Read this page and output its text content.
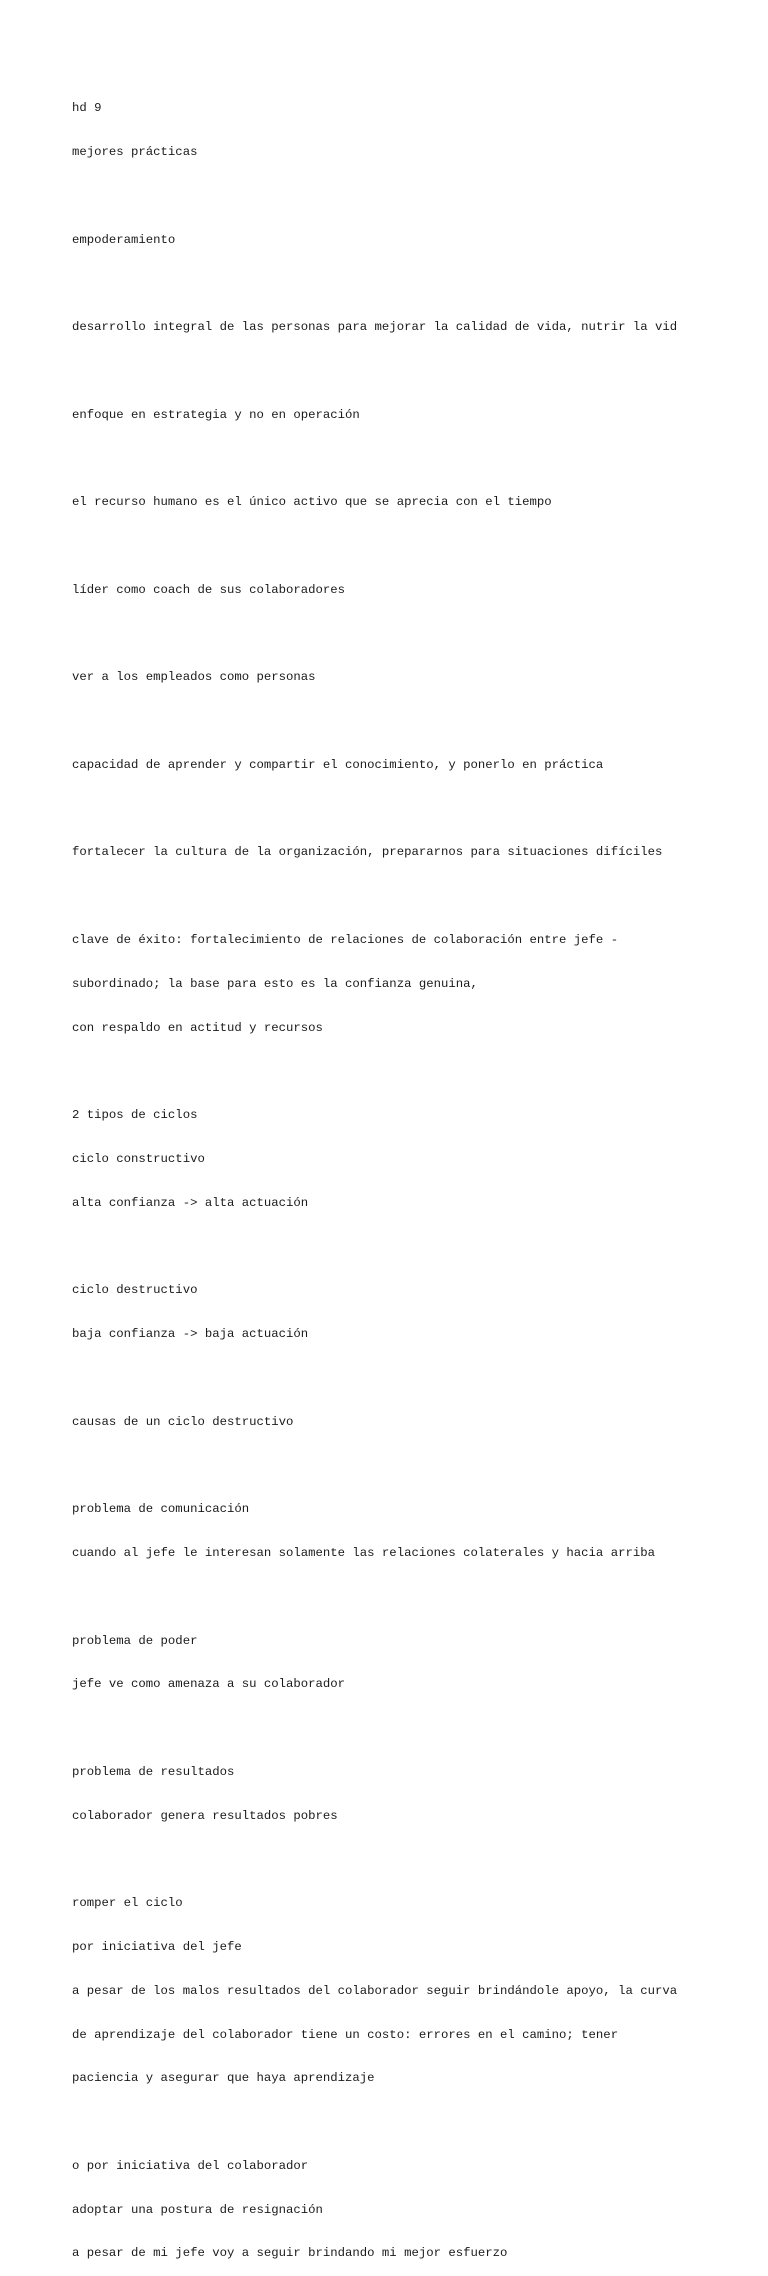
hd 9

mejores prácticas

empoderamiento

desarrollo integral de las personas para mejorar la calidad de vida, nutrir la vid

enfoque en estrategia y no en operación

el recurso humano es el único activo que se aprecia con el tiempo

líder como coach de sus colaboradores

ver a los empleados como personas

capacidad de aprender y compartir el conocimiento, y ponerlo en práctica

fortalecer la cultura de la organización, prepararnos para situaciones difíciles

clave de éxito: fortalecimiento de relaciones de colaboración entre jefe -

subordinado; la base para esto es la confianza genuina,

con respaldo en actitud y recursos

2 tipos de ciclos

ciclo constructivo

alta confianza -> alta actuación

ciclo destructivo

baja confianza -> baja actuación

causas de un ciclo destructivo

problema de comunicación

cuando al jefe le interesan solamente las relaciones colaterales y hacia arriba

problema de poder

jefe ve como amenaza a su colaborador

problema de resultados

colaborador genera resultados pobres

romper el ciclo

por iniciativa del jefe

a pesar de los malos resultados del colaborador seguir brindándole apoyo, la curva

de aprendizaje del colaborador tiene un costo: errores en el camino; tener

paciencia y asegurar que haya aprendizaje

o por iniciativa del colaborador

adoptar una postura de resignación

a pesar de mi jefe voy a seguir brindando mi mejor esfuerzo
